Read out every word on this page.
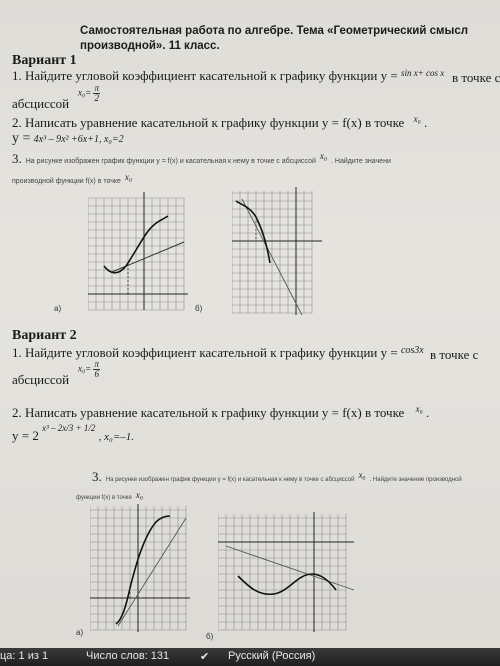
Самостоятельная работа по алгебре. Тема «Геометрический смысл
производной». 11 класс.
Вариант 1
1. Найдите угловой коэффициент касательной к графику функции y = $^{sin x+ cos x}$ в точке с
абсциссой
$x_0= \frac{\pi}{2}$
2. Написать уравнение касательной к графику функции y = f(x) в точке $^{x_0}$ .
y = 4x³ – 9x² +6x+1, x₀=2
3. На рисунке изображен график функции y = f(x) и касательная к нему в точке с абсциссой $^{x_0}$ . Найдите значени
производной функции f(x) в точке x₀
а)	б)
Вариант 2
1. Найдите угловой коэффициент касательной к графику функции y = $^{cos3x}$ в точке с
абсциссой
$x_0= \frac{\pi}{6}$
2. Написать уравнение касательной к графику функции y = f(x) в точке $^{x_0}$ .
y = 2 $^{x^3 - 2x/3 + 1/2}$ , x₀=–1.
3. На рисунке изображен график функции y = f(x) и касательная к нему в точке с абсциссой x₀ . Найдите значение производной
функции f(x) в точке x₀
а)	б)
ца: 1 из 1	Число слов: 131	✔ Русский (Россия)
